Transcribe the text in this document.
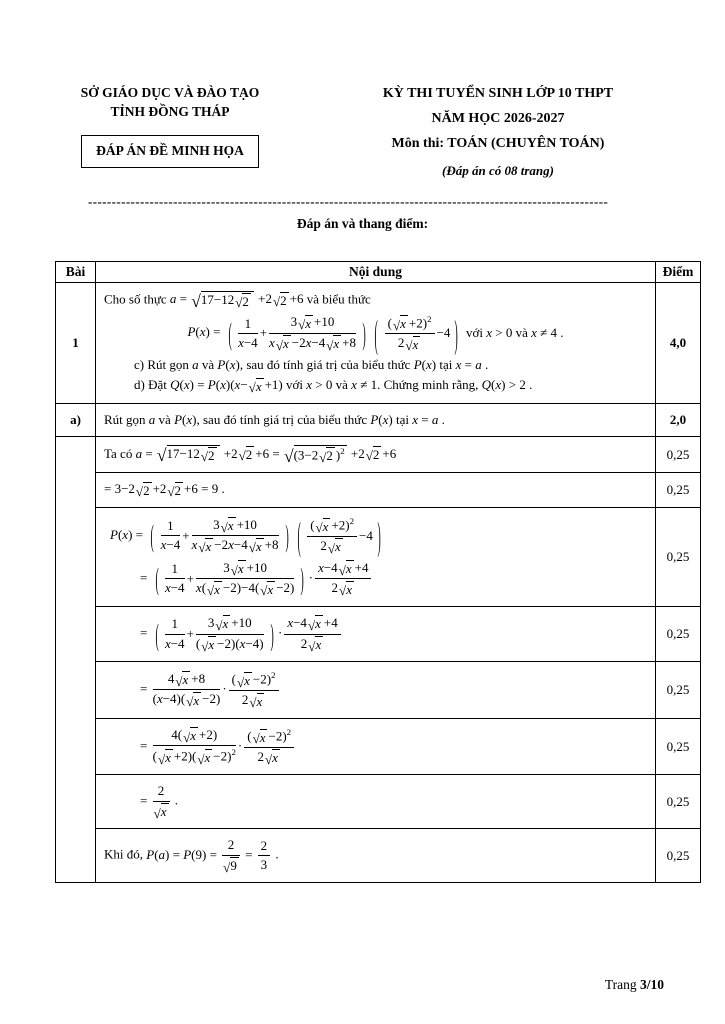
SỞ GIÁO DỤC VÀ ĐÀO TẠO
TỈNH ĐỒNG THÁP
ĐÁP ÁN ĐỀ MINH HỌA
KỲ THI TUYỂN SINH LỚP 10 THPT
NĂM HỌC 2026-2027
Môn thi: TOÁN (CHUYÊN TOÁN)
(Đáp án có 08 trang)
--------------------------------------------------------------------------------------------------------------
Đáp án và thang điểm:
Bài	Nội dung	Điểm
1	
Cho số thực a = √ 17−12 √ 2 +2 √ 2 +6 và biểu thức
P(x) = ( $\frac{1}{x-4} + \frac{3 √ x +10}{x √ x -2x-4 √ x +8}$ ) ( $\frac{( √ x +2)^2}{2 √ x} -4$ ) với x > 0 và x ≠ 4 .
c) Rút gọn a và P(x), sau đó tính giá trị của biểu thức P(x) tại x = a .
d) Đặt Q(x) = P(x)(x− √ x +1) với x > 0 và x ≠ 1. Chứng minh rằng, Q(x) > 2 .
	4,0
a)	Rút gọn a và P(x), sau đó tính giá trị của biểu thức P(x) tại x = a .	2,0

Ta có a = √ 17−12 √ 2 +2 √ 2 +6 = √ (3−2 √ 2 )$^2$ +2 √ 2 +6	0,25

= 3−2 √ 2 +2 √ 2 +6 = 9 .	0,25

P(x) = ( $\frac{1}{x-4} + \frac{3 √ x +10}{x √ x -2x-4 √ x +8}$ ) ( $\frac{( √ x +2)^2}{2 √ x} -4$ )
= ( $\frac{1}{x-4} + \frac{3 √ x +10}{x( √ x -2)-4( √ x -2)}$ ) · $\frac{x-4 √ x +4}{2 √ x}$
	0,25

= ( $\frac{1}{x-4} + \frac{3 √ x +10}{( √ x -2)(x-4)}$ ) · $\frac{x-4 √ x +4}{2 √ x}$	0,25

= $\frac{4 √ x +8}{(x-4)( √ x -2)} \cdot \frac{( √ x -2)^2}{2 √ x}$	0,25

= $\frac{4( √ x +2)}{( √ x +2)( √ x -2)^2} \cdot \frac{( √ x -2)^2}{2 √ x}$	0,25

	= $\frac{2}{√ x}$ .	0,25

Khi đó, $P(a) = P(9) = \frac{2}{√ 9} = \frac{2}{3}$ .	0,25
Trang 3/10
